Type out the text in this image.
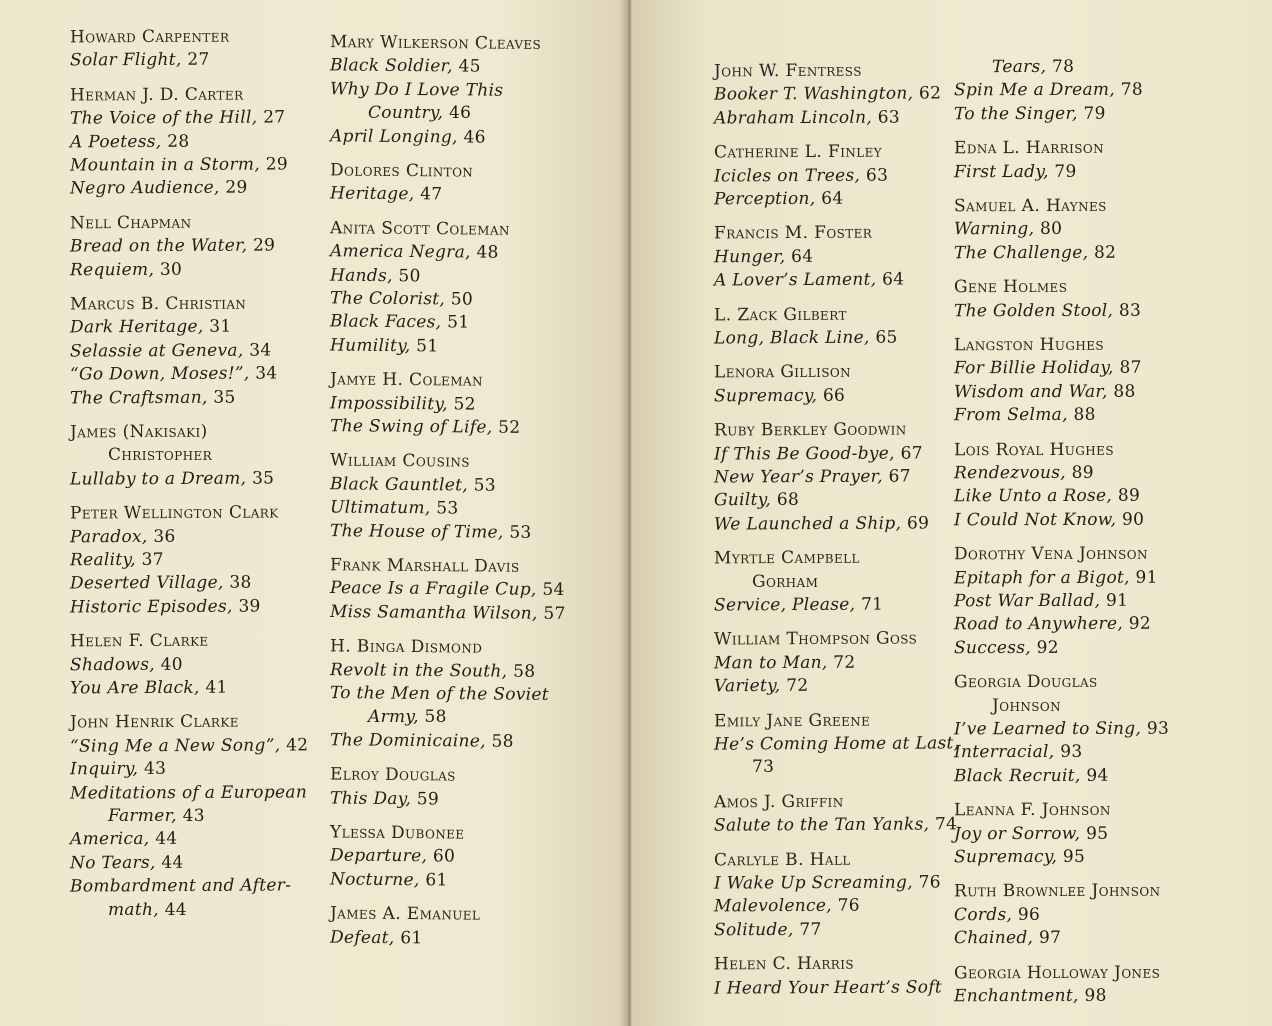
Howard Carpenter
Solar Flight, 27
Herman J. D. Carter
The Voice of the Hill, 27
A Poetess, 28
Mountain in a Storm, 29
Negro Audience, 29
Nell Chapman
Bread on the Water, 29
Requiem, 30
Marcus B. Christian
Dark Heritage, 31
Selassie at Geneva, 34
“Go Down, Moses!”, 34
The Craftsman, 35
James (Nakisaki)
Christopher
Lullaby to a Dream, 35
Peter Wellington Clark
Paradox, 36
Reality, 37
Deserted Village, 38
Historic Episodes, 39
Helen F. Clarke
Shadows, 40
You Are Black, 41
John Henrik Clarke
“Sing Me a New Song”, 42
Inquiry, 43
Meditations of a European
Farmer, 43
America, 44
No Tears, 44
Bombardment and After-
math, 44
Mary Wilkerson Cleaves
Black Soldier, 45
Why Do I Love This
Country, 46
April Longing, 46
Dolores Clinton
Heritage, 47
Anita Scott Coleman
America Negra, 48
Hands, 50
The Colorist, 50
Black Faces, 51
Humility, 51
Jamye H. Coleman
Impossibility, 52
The Swing of Life, 52
William Cousins
Black Gauntlet, 53
Ultimatum, 53
The House of Time, 53
Frank Marshall Davis
Peace Is a Fragile Cup, 54
Miss Samantha Wilson, 57
H. Binga Dismond
Revolt in the South, 58
To the Men of the Soviet
Army, 58
The Dominicaine, 58
Elroy Douglas
This Day, 59
Ylessa Dubonee
Departure, 60
Nocturne, 61
James A. Emanuel
Defeat, 61
John W. Fentress
Booker T. Washington, 62
Abraham Lincoln, 63
Catherine L. Finley
Icicles on Trees, 63
Perception, 64
Francis M. Foster
Hunger, 64
A Lover’s Lament, 64
L. Zack Gilbert
Long, Black Line, 65
Lenora Gillison
Supremacy, 66
Ruby Berkley Goodwin
If This Be Good-bye, 67
New Year’s Prayer, 67
Guilty, 68
We Launched a Ship, 69
Myrtle Campbell
Gorham
Service, Please, 71
William Thompson Goss
Man to Man, 72
Variety, 72
Emily Jane Greene
He’s Coming Home at Last,
73
Amos J. Griffin
Salute to the Tan Yanks, 74
Carlyle B. Hall
I Wake Up Screaming, 76
Malevolence, 76
Solitude, 77
Helen C. Harris
I Heard Your Heart’s Soft
Tears, 78
Spin Me a Dream, 78
To the Singer, 79
Edna L. Harrison
First Lady, 79
Samuel A. Haynes
Warning, 80
The Challenge, 82
Gene Holmes
The Golden Stool, 83
Langston Hughes
For Billie Holiday, 87
Wisdom and War, 88
From Selma, 88
Lois Royal Hughes
Rendezvous, 89
Like Unto a Rose, 89
I Could Not Know, 90
Dorothy Vena Johnson
Epitaph for a Bigot, 91
Post War Ballad, 91
Road to Anywhere, 92
Success, 92
Georgia Douglas
Johnson
I’ve Learned to Sing, 93
Interracial, 93
Black Recruit, 94
Leanna F. Johnson
Joy or Sorrow, 95
Supremacy, 95
Ruth Brownlee Johnson
Cords, 96
Chained, 97
Georgia Holloway Jones
Enchantment, 98
